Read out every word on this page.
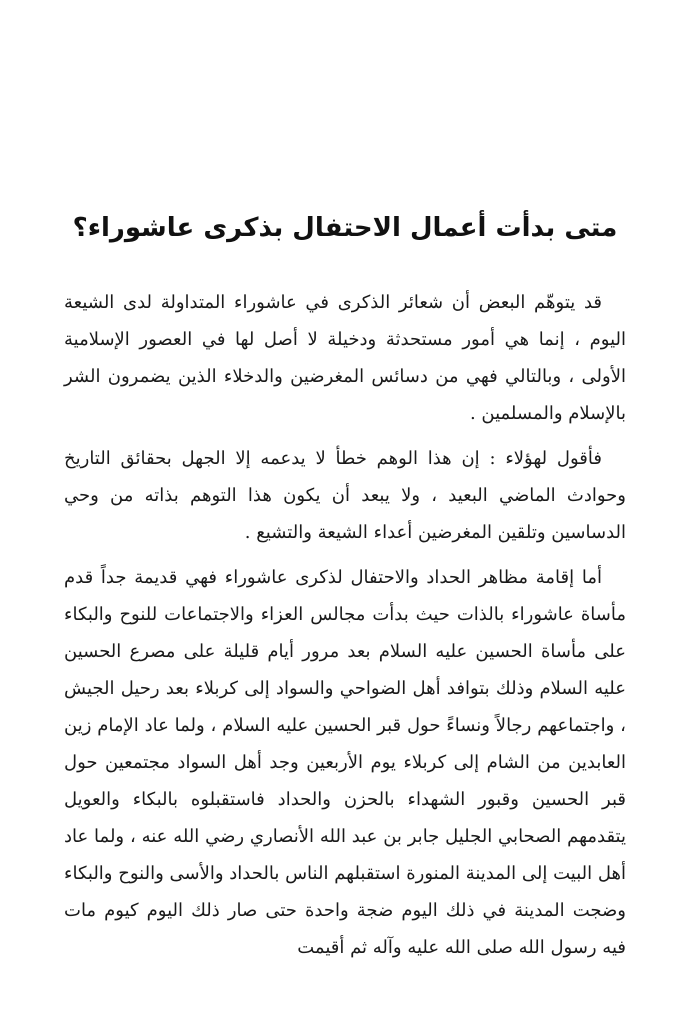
متى بدأت أعمال الاحتفال بذكرى عاشوراء؟

قد يتوهّم البعض أن شعائر الذكرى في عاشوراء المتداولة لدى الشيعة اليوم ، إنما هي أمور مستحدثة ودخيلة لا أصل لها في العصور الإسلامية الأولى ، وبالتالي فهي من دسائس المغرضين والدخلاء الذين يضمرون الشر بالإسلام والمسلمين .

فأقول لهؤلاء : إن هذا الوهم خطأ لا يدعمه إلا الجهل بحقائق التاريخ وحوادث الماضي البعيد ، ولا يبعد أن يكون هذا التوهم بذاته من وحي الدساسين وتلقين المغرضين أعداء الشيعة والتشيع .

أما إقامة مظاهر الحداد والاحتفال لذكرى عاشوراء فهي قديمة جداً قدم مأساة عاشوراء بالذات حيث بدأت مجالس العزاء والاجتماعات للنوح والبكاء على مأساة الحسين عليه السلام بعد مرور أيام قليلة على مصرع الحسين عليه السلام وذلك بتوافد أهل الضواحي والسواد إلى كربلاء بعد رحيل الجيش ، واجتماعهم رجالاً ونساءً حول قبر الحسين عليه السلام ، ولما عاد الإمام زين العابدين من الشام إلى كربلاء يوم الأربعين وجد أهل السواد مجتمعين حول قبر الحسين وقبور الشهداء بالحزن والحداد فاستقبلوه بالبكاء والعويل يتقدمهم الصحابي الجليل جابر بن عبد الله الأنصاري رضي الله عنه ، ولما عاد أهل البيت إلى المدينة المنورة استقبلهم الناس بالحداد والأسى والنوح والبكاء وضجت المدينة في ذلك اليوم ضجة واحدة حتى صار ذلك اليوم كيوم مات فيه رسول الله صلى الله عليه وآله ثم أقيمت
